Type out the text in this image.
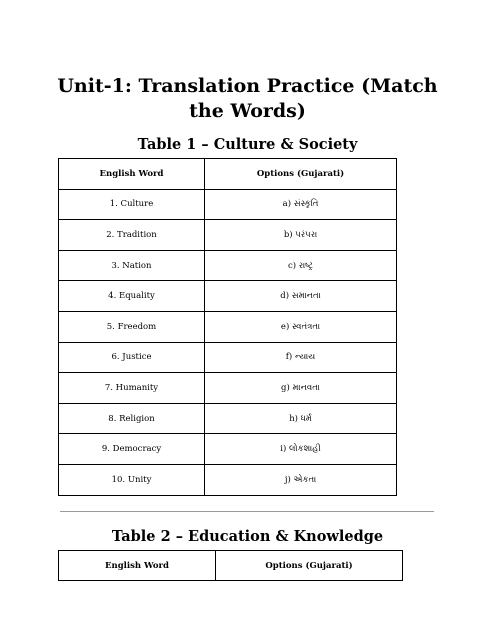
Unit-1: Translation Practice (Match the Words)
Table 1 – Culture & Society
English Word	Options (Gujarati)
1. Culture	a) સંસ્કૃતિ
2. Tradition	b) પરંપરા
3. Nation	c) રાષ્ટ્ર
4. Equality	d) સમાનતા
5. Freedom	e) સ્વતંત્રતા
6. Justice	f) ન્યાય
7. Humanity	g) માનવતા
8. Religion	h) ધર્મ
9. Democracy	i) લોકશાહી
10. Unity	j) એકતા
Table 2 – Education & Knowledge
English Word	Options (Gujarati)
